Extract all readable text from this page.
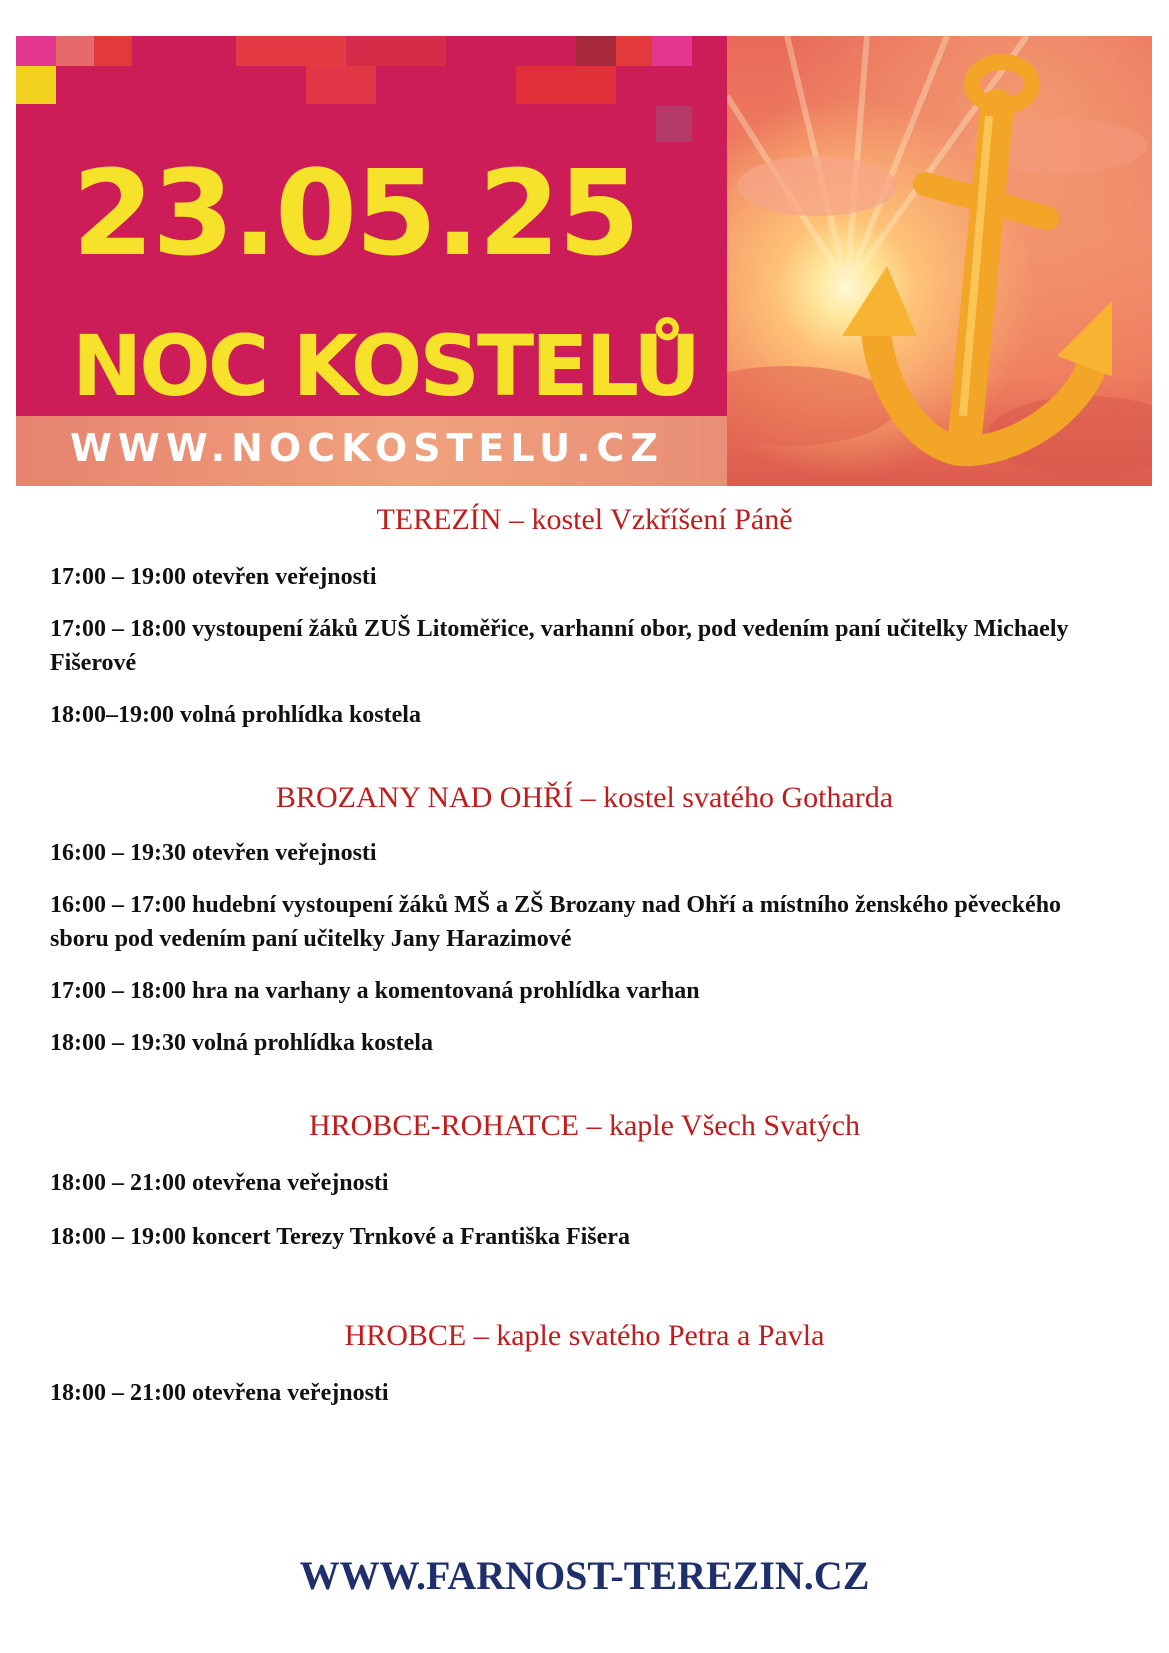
23.05.25
NOC KOSTELŮ
WWW.NOCKOSTELU.CZ
TEREZÍN – kostel Vzkříšení Páně
17:00 – 19:00 otevřen veřejnosti
17:00 – 18:00 vystoupení žáků ZUŠ Litoměřice, varhanní obor, pod vedením paní učitelky Michaely Fišerové
18:00–19:00 volná prohlídka kostela
BROZANY NAD OHŘÍ – kostel svatého Gotharda
16:00 – 19:30 otevřen veřejnosti
16:00 – 17:00 hudební vystoupení žáků MŠ a ZŠ Brozany nad Ohří a místního ženského pěveckého sboru pod vedením paní učitelky Jany Harazimové
17:00 – 18:00 hra na varhany a komentovaná prohlídka varhan
18:00 – 19:30 volná prohlídka kostela
HROBCE-ROHATCE – kaple Všech Svatých
18:00 – 21:00 otevřena veřejnosti
18:00 – 19:00 koncert Terezy Trnkové a Františka Fišera
HROBCE – kaple svatého Petra a Pavla
18:00 – 21:00 otevřena veřejnosti
WWW.FARNOST-TEREZIN.CZ
